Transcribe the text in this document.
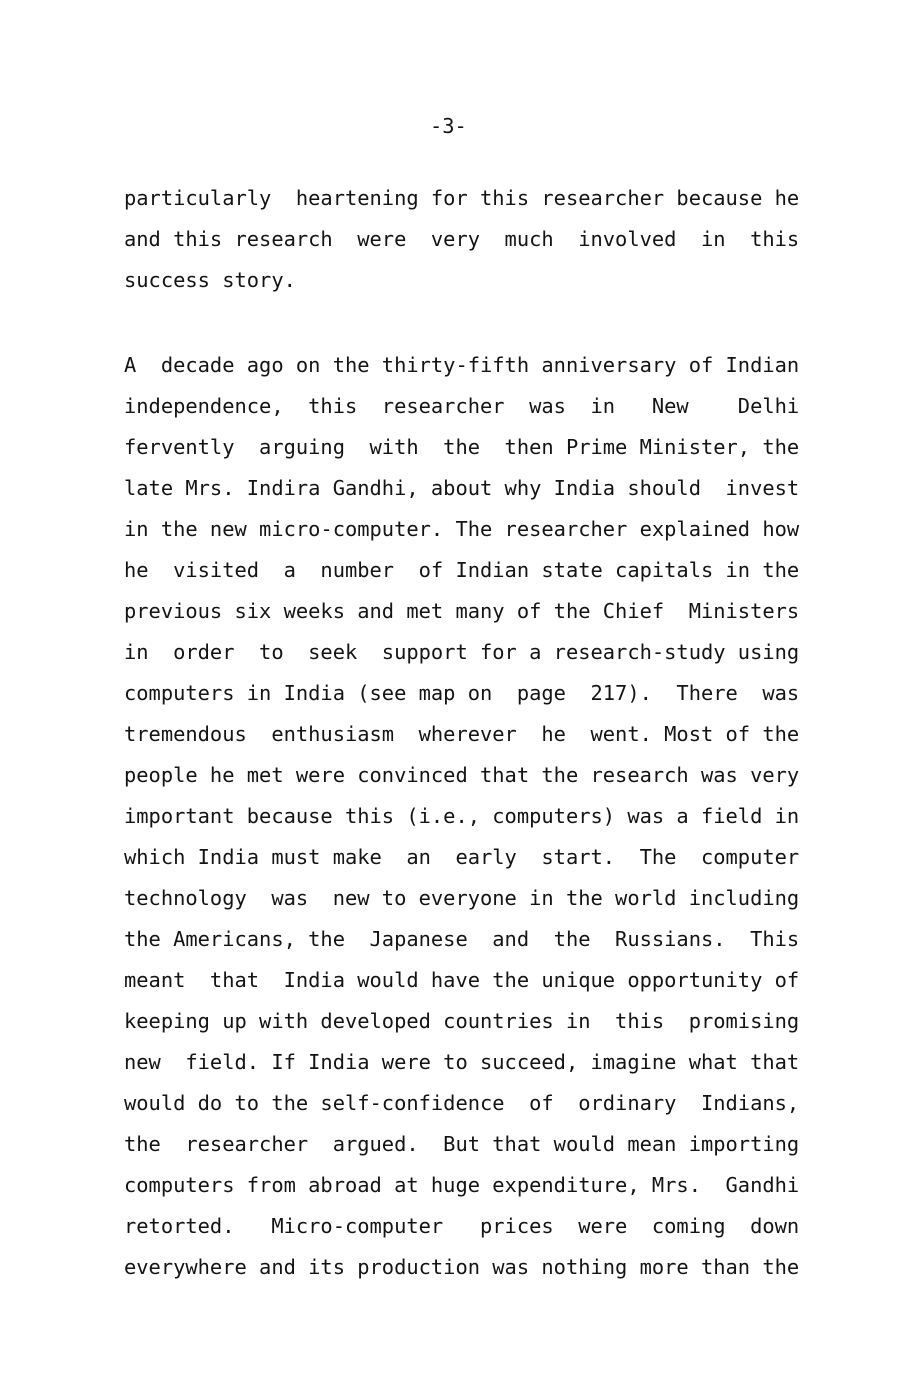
-3-
particularly  heartening for this researcher because he
and this research  were  very  much  involved  in  this
success story.
A  decade ago on the thirty-fifth anniversary of Indian
independence,  this  researcher  was  in   New    Delhi
fervently  arguing  with  the  then Prime Minister, the
late Mrs. Indira Gandhi, about why India should  invest
in the new micro-computer. The researcher explained how
he  visited  a  number  of Indian state capitals in the
previous six weeks and met many of the Chief  Ministers
in  order  to  seek  support for a research-study using
computers in India (see map on  page  217).  There  was
tremendous  enthusiasm  wherever  he  went. Most of the
people he met were convinced that the research was very
important because this (i.e., computers) was a field in
which India must make  an  early  start.  The  computer
technology  was  new to everyone in the world including
the Americans, the  Japanese  and  the  Russians.  This
meant  that  India would have the unique opportunity of
keeping up with developed countries in  this  promising
new  field. If India were to succeed, imagine what that
would do to the self-confidence  of  ordinary  Indians,
the  researcher  argued.  But that would mean importing
computers from abroad at huge expenditure, Mrs.  Gandhi
retorted.   Micro-computer   prices  were  coming  down
everywhere and its production was nothing more than the
